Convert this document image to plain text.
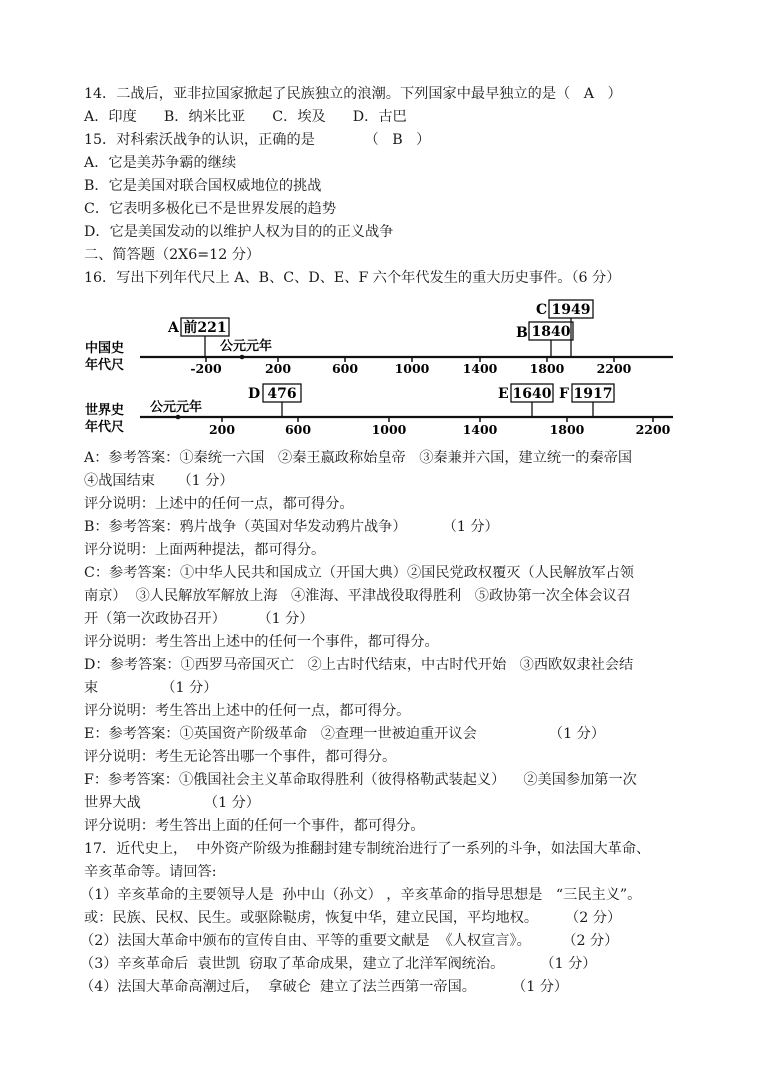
14．二战后，亚非拉国家掀起了民族独立的浪潮。下列国家中最早独立的是（   A   ）
A．印度      B．纳米比亚      C．埃及      D．古巴
15．对科索沃战争的认识，正确的是           （   B   ）
A．它是美苏争霸的继续
B．它是美国对联合国权威地位的挑战
C．它表明多极化已不是世界发展的趋势
D．它是美国发动的以维护人权为目的的正义战争
二、简答题（2X6=12 分）
16．写出下列年代尺上 A、B、C、D、E、F 六个年代发生的重大历史事件。（6 分）
中国史
年代尺	-200	200	600	1000	1400	1800	2200
公元元年
A 前221	B 1840
C 1949
世界史
年代尺	200	600	1000	1400	1800	2200
公元元年
D 476	E 1640 F 1917
A：参考答案：①秦统一六国   ②秦王嬴政称始皇帝   ③秦兼并六国，建立统一的秦帝国
④战国结束     （1 分）
评分说明：上述中的任何一点，都可得分。
B：参考答案：鸦片战争（英国对华发动鸦片战争）        （1 分）
评分说明：上面两种提法，都可得分。
C：参考答案：①中华人民共和国成立（开国大典）②国民党政权覆灭（人民解放军占领
南京）  ③人民解放军解放上海   ④淮海、平津战役取得胜利   ⑤政协第一次全体会议召
开（第一次政协召开）       （1 分）
评分说明：考生答出上述中的任何一个事件，都可得分。
D：参考答案：①西罗马帝国灭亡   ②上古时代结束，中古时代开始   ③西欧奴隶社会结
束              （1 分）
评分说明：考生答出上述中的任何一点，都可得分。
E：参考答案：①英国资产阶级革命   ②查理一世被迫重开议会                （1 分）
评分说明：考生无论答出哪一个事件，都可得分。
F：参考答案：①俄国社会主义革命取得胜利（彼得格勒武装起义）    ②美国参加第一次
世界大战              （1 分）
评分说明：考生答出上面的任何一个事件，都可得分。
17．近代史上，  中外资产阶级为推翻封建专制统治进行了一系列的斗争，如法国大革命、
辛亥革命等。请回答:
（1）辛亥革命的主要领导人是  孙中山（孙文） ，辛亥革命的指导思想是   “三民主义”。
或：民族、民权、民生。或驱除鞑虏，恢复中华，建立民国，平均地权。      （2 分）
（2）法国大革命中颁布的宣传自由、平等的重要文献是  《人权宣言》。       （2 分）
（3）辛亥革命后  袁世凯  窃取了革命成果，建立了北洋军阀统治。        （1 分）
（4）法国大革命高潮过后，  拿破仑  建立了法兰西第一帝国。        （1 分）
